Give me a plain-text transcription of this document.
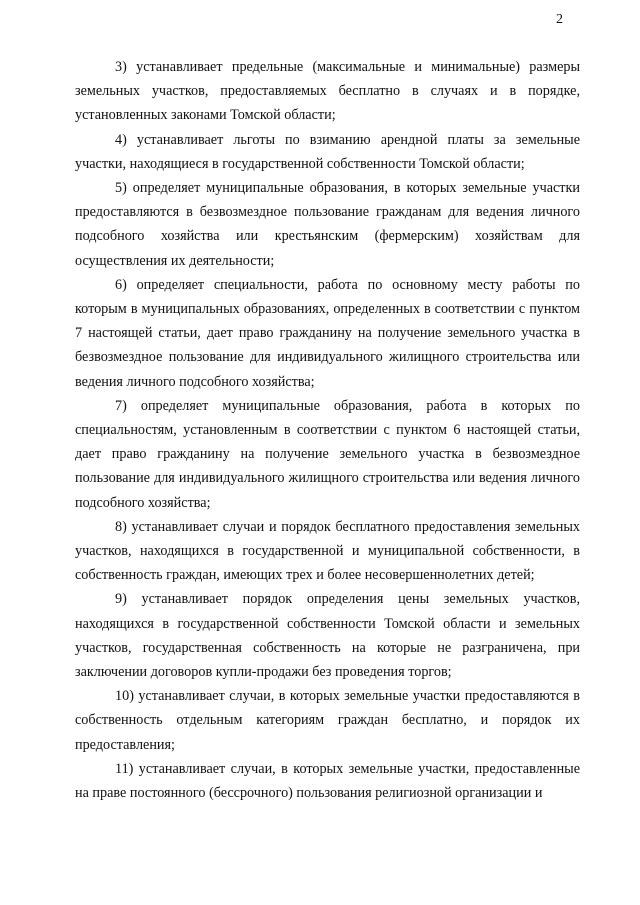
2

3) устанавливает предельные (максимальные и минимальные) размеры земельных участков, предоставляемых бесплатно в случаях и в порядке, установленных законами Томской области;

4) устанавливает льготы по взиманию арендной платы за земельные участки, находящиеся в государственной собственности Томской области;

5) определяет муниципальные образования, в которых земельные участки предоставляются в безвозмездное пользование гражданам для ведения личного подсобного хозяйства или крестьянским (фермерским) хозяйствам для осуществления их деятельности;

6) определяет специальности, работа по основному месту работы по которым в муниципальных образованиях, определенных в соответствии с пунктом 7 настоящей статьи, дает право гражданину на получение земельного участка в безвозмездное пользование для индивидуального жилищного строительства или ведения личного подсобного хозяйства;

7) определяет муниципальные образования, работа в которых по специальностям, установленным в соответствии с пунктом 6 настоящей статьи, дает право гражданину на получение земельного участка в безвозмездное пользование для индивидуального жилищного строительства или ведения личного подсобного хозяйства;

8) устанавливает случаи и порядок бесплатного предоставления земельных участков, находящихся в государственной и муниципальной собственности, в собственность граждан, имеющих трех и более несовершеннолетних детей;

9) устанавливает порядок определения цены земельных участков, находящихся в государственной собственности Томской области и земельных участков, государственная собственность на которые не разграничена, при заключении договоров купли-продажи без проведения торгов;

10) устанавливает случаи, в которых земельные участки предоставляются в собственность отдельным категориям граждан бесплатно, и порядок их предоставления;

11) устанавливает случаи, в которых земельные участки, предоставленные на праве постоянного (бессрочного) пользования религиозной организации и
